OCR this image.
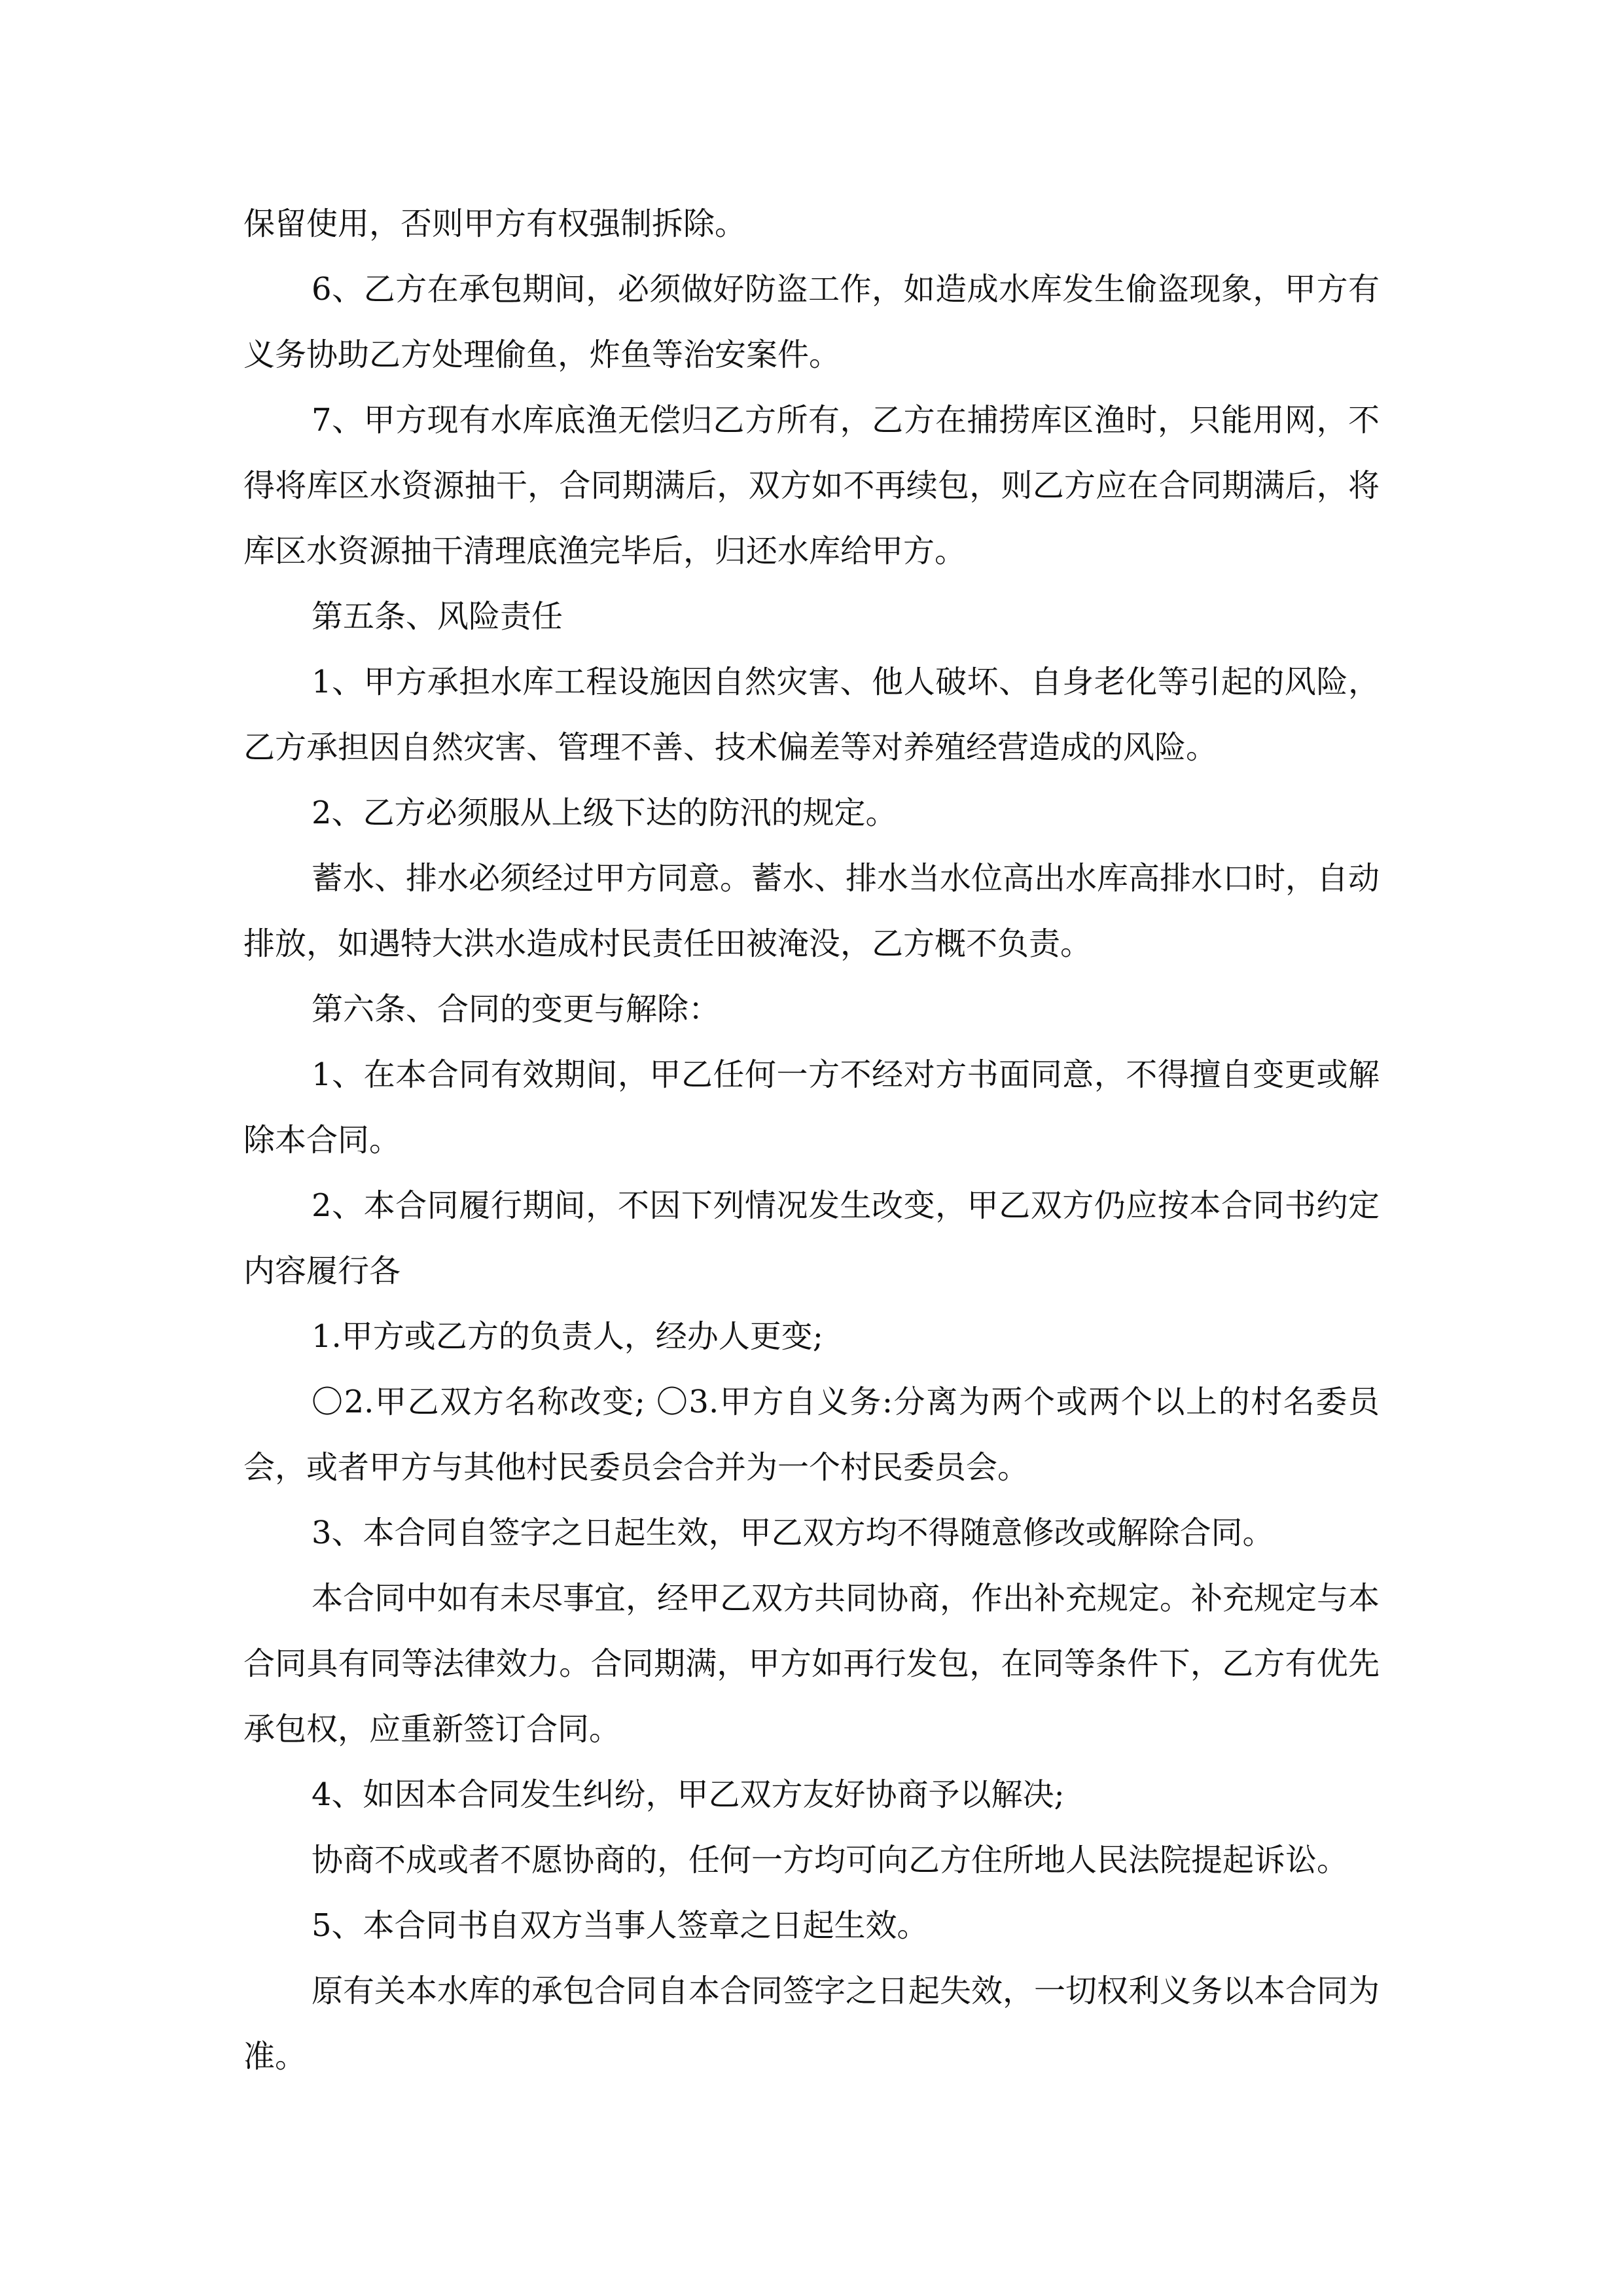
保留使用，否则甲方有权强制拆除。

6、乙方在承包期间，必须做好防盗工作，如造成水库发生偷盗现象，甲方有义务协助乙方处理偷鱼，炸鱼等治安案件。

7、甲方现有水库底渔无偿归乙方所有，乙方在捕捞库区渔时，只能用网，不得将库区水资源抽干，合同期满后，双方如不再续包，则乙方应在合同期满后，将库区水资源抽干清理底渔完毕后，归还水库给甲方。

第五条、风险责任

1、甲方承担水库工程设施因自然灾害、他人破坏、自身老化等引起的风险，乙方承担因自然灾害、管理不善、技术偏差等对养殖经营造成的风险。

2、乙方必须服从上级下达的防汛的规定。

蓄水、排水必须经过甲方同意。蓄水、排水当水位高出水库高排水口时，自动排放，如遇特大洪水造成村民责任田被淹没，乙方概不负责。

第六条、合同的变更与解除：

1、在本合同有效期间，甲乙任何一方不经对方书面同意，不得擅自变更或解除本合同。

2、本合同履行期间，不因下列情况发生改变，甲乙双方仍应按本合同书约定内容履行各

1.甲方或乙方的负责人，经办人更变;

〇2.甲乙双方名称改变; 〇3.甲方自义务:分离为两个或两个以上的村名委员会，或者甲方与其他村民委员会合并为一个村民委员会。

3、本合同自签字之日起生效，甲乙双方均不得随意修改或解除合同。

本合同中如有未尽事宜，经甲乙双方共同协商，作出补充规定。补充规定与本合同具有同等法律效力。合同期满，甲方如再行发包，在同等条件下，乙方有优先承包权，应重新签订合同。

4、如因本合同发生纠纷，甲乙双方友好协商予以解决;

协商不成或者不愿协商的，任何一方均可向乙方住所地人民法院提起诉讼。

5、本合同书自双方当事人签章之日起生效。

原有关本水库的承包合同自本合同签字之日起失效，一切权利义务以本合同为准。
